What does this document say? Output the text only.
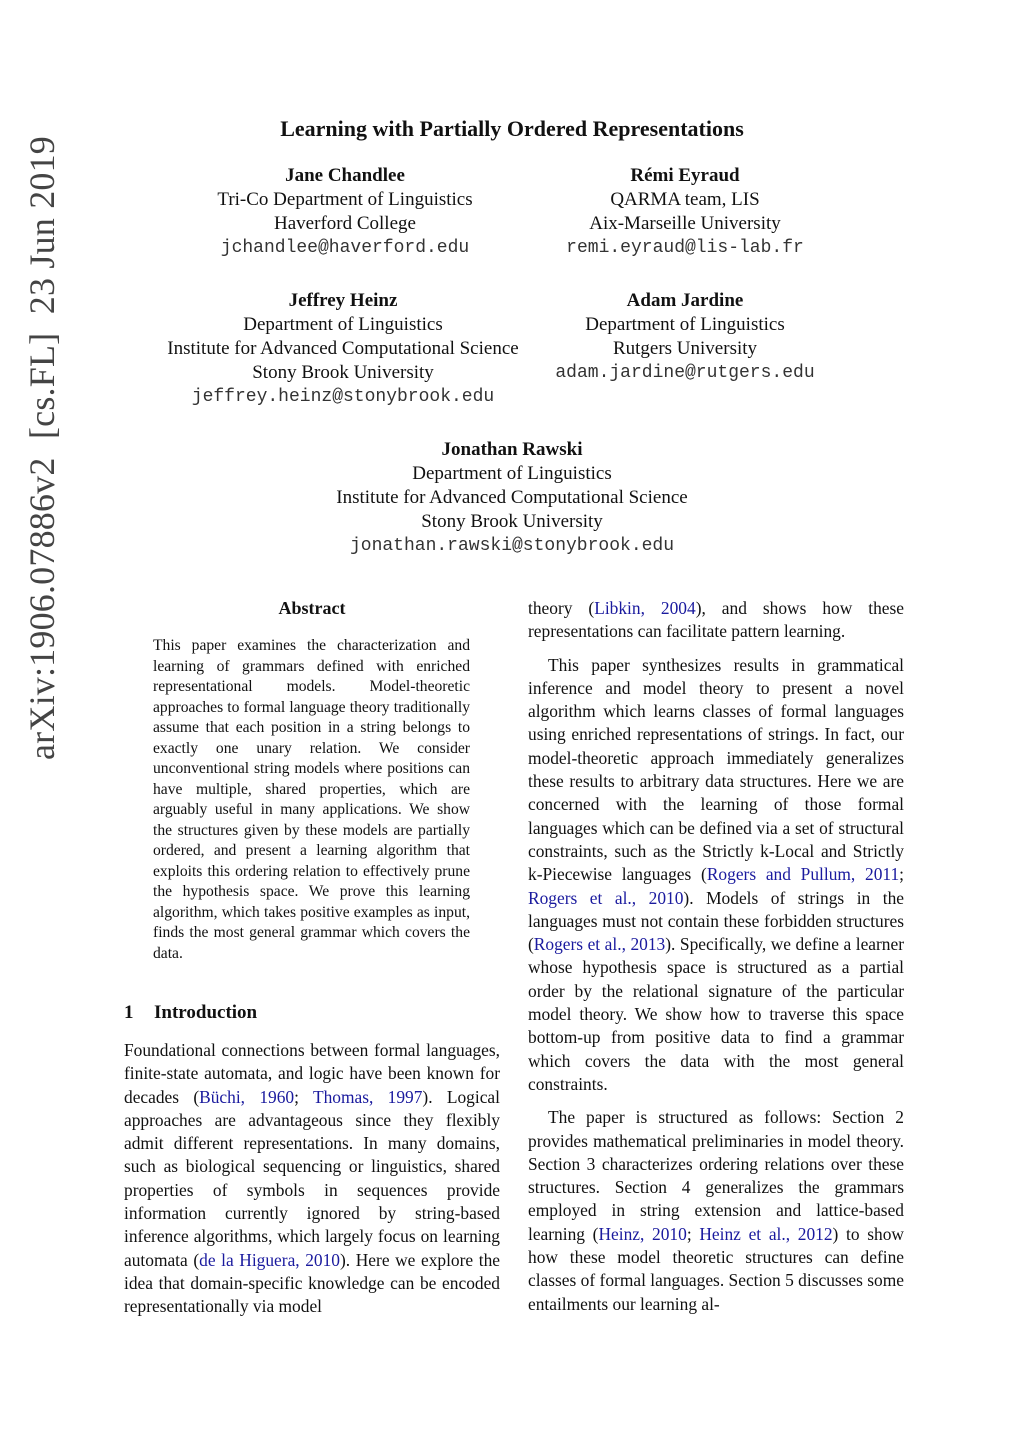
arXiv:1906.07886v2  [cs.FL]  23 Jun 2019
Learning with Partially Ordered Representations
Jane Chandlee
Tri-Co Department of Linguistics
Haverford College
jchandlee@haverford.edu
Rémi Eyraud
QARMA team, LIS
Aix-Marseille University
remi.eyraud@lis-lab.fr
Jeffrey Heinz
Department of Linguistics
Institute for Advanced Computational Science
Stony Brook University
jeffrey.heinz@stonybrook.edu
Adam Jardine
Department of Linguistics
Rutgers University
adam.jardine@rutgers.edu
Jonathan Rawski
Department of Linguistics
Institute for Advanced Computational Science
Stony Brook University
jonathan.rawski@stonybrook.edu
Abstract
This paper examines the characterization and learning of grammars defined with enriched representational models. Model-theoretic approaches to formal language theory traditionally assume that each position in a string belongs to exactly one unary relation. We consider unconventional string models where positions can have multiple, shared properties, which are arguably useful in many applications. We show the structures given by these models are partially ordered, and present a learning algorithm that exploits this ordering relation to effectively prune the hypothesis space. We prove this learning algorithm, which takes positive examples as input, finds the most general grammar which covers the data.
1 Introduction

Foundational connections between formal languages, finite-state automata, and logic have been known for decades (Büchi, 1960; Thomas, 1997). Logical approaches are advantageous since they flexibly admit different representations. In many domains, such as biological sequencing or linguistics, shared properties of symbols in sequences provide information currently ignored by string-based inference algorithms, which largely focus on learning automata (de la Higuera, 2010). Here we explore the idea that domain-specific knowledge can be encoded representationally via model

theory (Libkin, 2004), and shows how these representations can facilitate pattern learning.

This paper synthesizes results in grammatical inference and model theory to present a novel algorithm which learns classes of formal languages using enriched representations of strings. In fact, our model-theoretic approach immediately generalizes these results to arbitrary data structures. Here we are concerned with the learning of those formal languages which can be defined via a set of structural constraints, such as the Strictly k-Local and Strictly k-Piecewise languages (Rogers and Pullum, 2011; Rogers et al., 2010). Models of strings in the languages must not contain these forbidden structures (Rogers et al., 2013). Specifically, we define a learner whose hypothesis space is structured as a partial order by the relational signature of the particular model theory. We show how to traverse this space bottom-up from positive data to find a grammar which covers the data with the most general constraints.

The paper is structured as follows: Section 2 provides mathematical preliminaries in model theory. Section 3 characterizes ordering relations over these structures. Section 4 generalizes the grammars employed in string extension and lattice-based learning (Heinz, 2010; Heinz et al., 2012) to show how these model theoretic structures can define classes of formal languages. Section 5 discusses some entailments our learning al-
